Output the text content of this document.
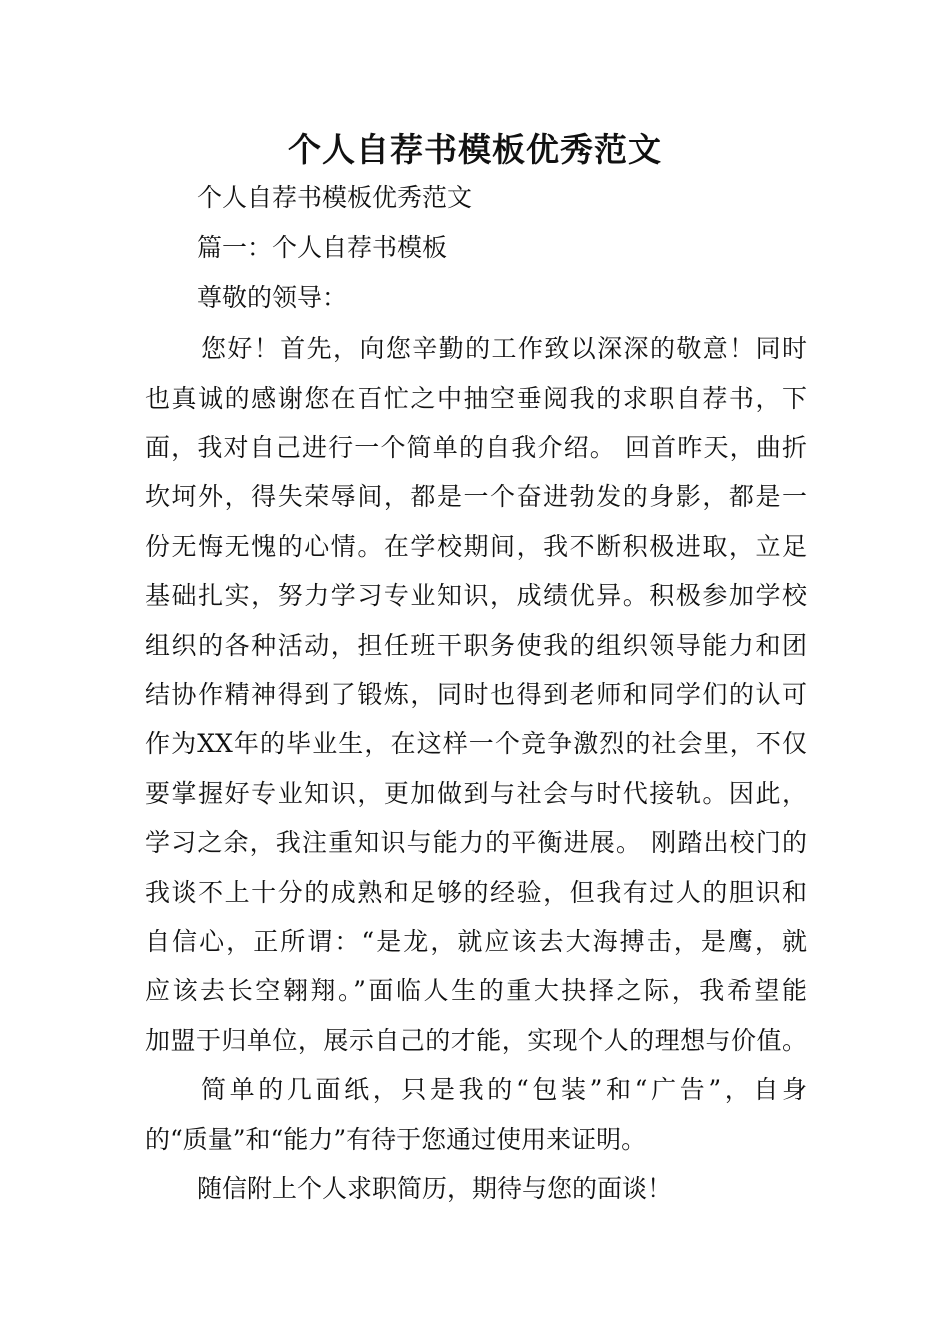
个人自荐书模板优秀范文

个人自荐书模板优秀范文

篇一：个人自荐书模板

尊敬的领导：

您好！首先，向您辛勤的工作致以深深的敬意！同时

也真诚的感谢您在百忙之中抽空垂阅我的求职自荐书，下

面，我对自己进行一个简单的自我介绍。 回首昨天，曲折

坎坷外，得失荣辱间，都是一个奋进勃发的身影，都是一

份无悔无愧的心情。在学校期间，我不断积极进取，立足

基础扎实，努力学习专业知识，成绩优异。积极参加学校

组织的各种活动，担任班干职务使我的组织领导能力和团

结协作精神得到了锻炼，同时也得到老师和同学们的认可

作为XX年的毕业生，在这样一个竞争激烈的社会里，不仅

要掌握好专业知识，更加做到与社会与时代接轨。因此，

学习之余，我注重知识与能力的平衡进展。 刚踏出校门的

我谈不上十分的成熟和足够的经验，但我有过人的胆识和

自信心，正所谓：“是龙，就应该去大海搏击，是鹰，就

应该去长空翱翔。”面临人生的重大抉择之际，我希望能

加盟于归单位，展示自己的才能，实现个人的理想与价值。

简单的几面纸，只是我的“包装”和“广告”，自身

的“质量”和“能力”有待于您通过使用来证明。

随信附上个人求职简历，期待与您的面谈！
